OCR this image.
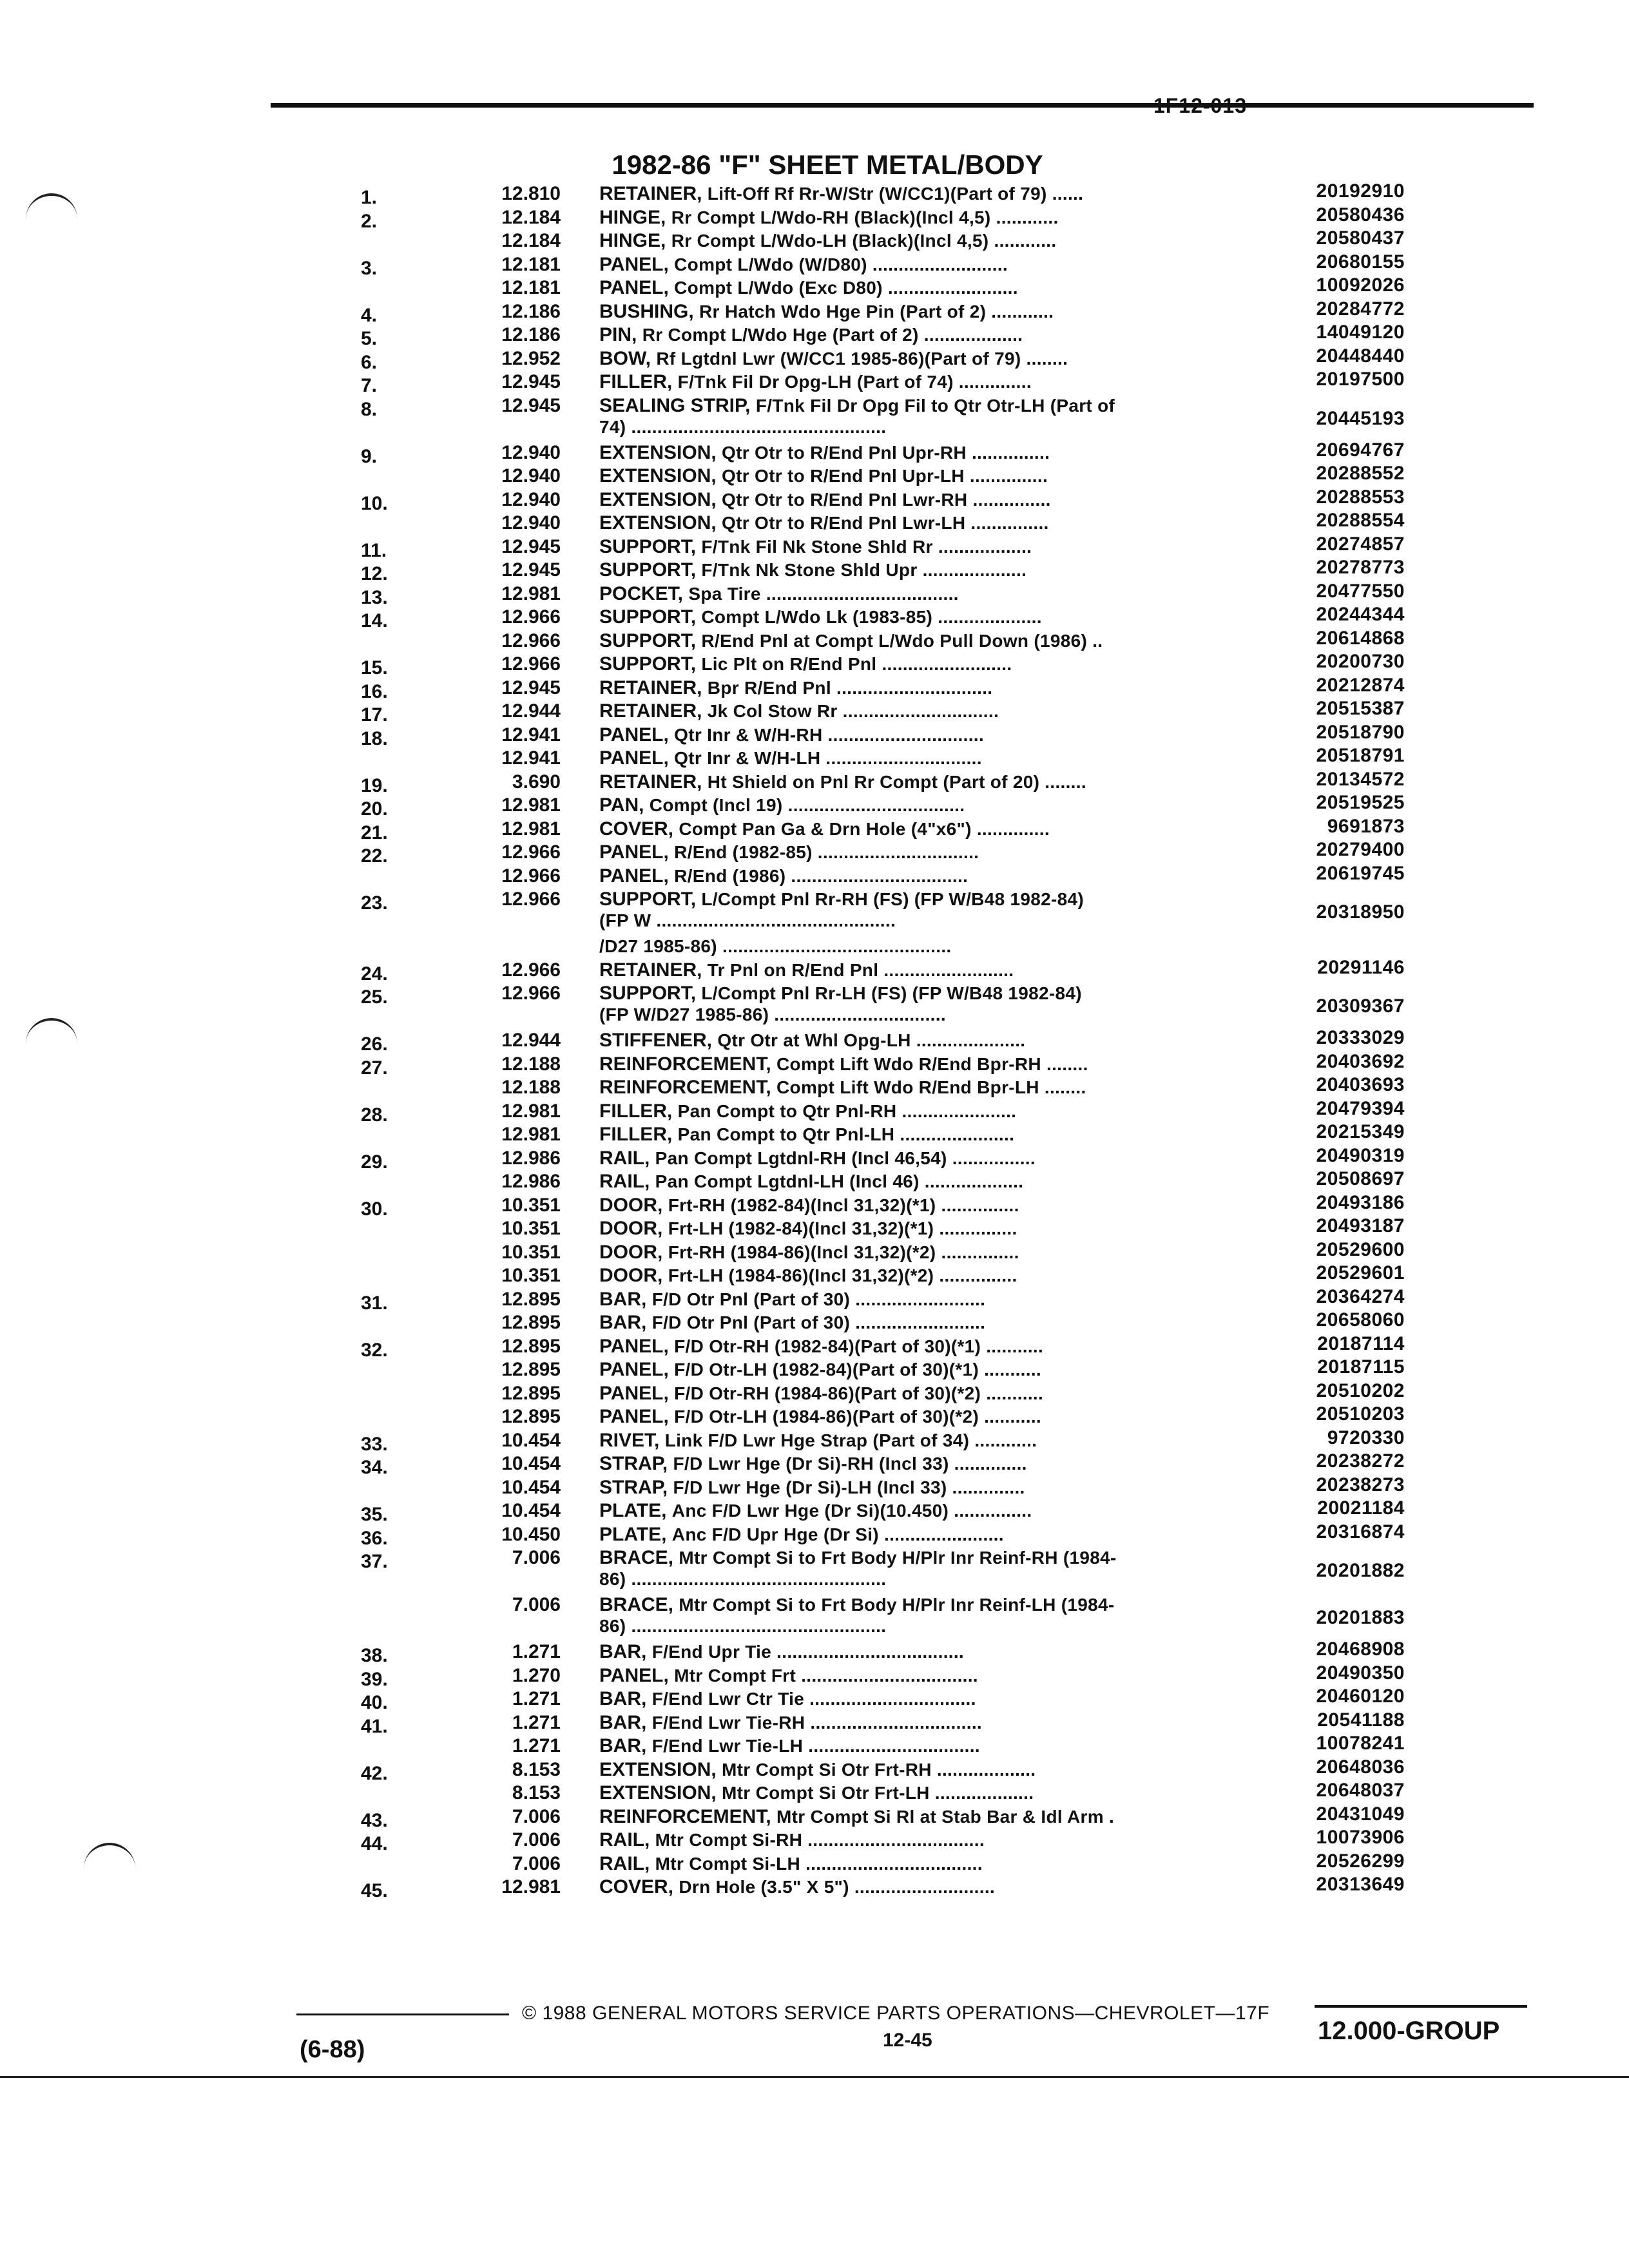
1F12-013
1982-86 "F" SHEET METAL/BODY
1.	12.810 RETAINER, Lift-Off Rf Rr-W/Str (W/CC1)(Part of 79) ......	20192910
2.	12.184 HINGE, Rr Compt L/Wdo-RH (Black)(Incl 4,5) ............	20580436
12.184 HINGE, Rr Compt L/Wdo-LH (Black)(Incl 4,5) ............	20580437
3.	12.181 PANEL, Compt L/Wdo (W/D80) ..........................	20680155
12.181 PANEL, Compt L/Wdo (Exc D80) .........................	10092026
4.	12.186 BUSHING, Rr Hatch Wdo Hge Pin (Part of 2) ............	20284772
5.	12.186 PIN, Rr Compt L/Wdo Hge (Part of 2) ...................	14049120
6.	12.952 BOW, Rf Lgtdnl Lwr (W/CC1 1985-86)(Part of 79) ........	20448440
7.	12.945 FILLER, F/Tnk Fil Dr Opg-LH (Part of 74) ..............	20197500
8.	12.945 SEALING STRIP, F/Tnk Fil Dr Opg Fil to Qtr Otr-LH (Part of
74) .................................................	20445193
9.	12.940 EXTENSION, Qtr Otr to R/End Pnl Upr-RH ...............	20694767
12.940 EXTENSION, Qtr Otr to R/End Pnl Upr-LH ...............	20288552
10.	12.940 EXTENSION, Qtr Otr to R/End Pnl Lwr-RH ...............	20288553
12.940 EXTENSION, Qtr Otr to R/End Pnl Lwr-LH ...............	20288554
11.	12.945 SUPPORT, F/Tnk Fil Nk Stone Shld Rr ..................	20274857
12.	12.945 SUPPORT, F/Tnk Nk Stone Shld Upr ....................	20278773
13.	12.981 POCKET, Spa Tire .....................................	20477550
14.	12.966 SUPPORT, Compt L/Wdo Lk (1983-85) ....................	20244344
12.966 SUPPORT, R/End Pnl at Compt L/Wdo Pull Down (1986) ..	20614868
15.	12.966 SUPPORT, Lic Plt on R/End Pnl .........................	20200730
16.	12.945 RETAINER, Bpr R/End Pnl ..............................	20212874
17.	12.944 RETAINER, Jk Col Stow Rr ..............................	20515387
18.	12.941 PANEL, Qtr Inr & W/H-RH ..............................	20518790
12.941 PANEL, Qtr Inr & W/H-LH ..............................	20518791
19.	3.690 RETAINER, Ht Shield on Pnl Rr Compt (Part of 20) ........	20134572
20.	12.981 PAN, Compt (Incl 19) ..................................	20519525
21.	12.981 COVER, Compt Pan Ga & Drn Hole (4"x6") ..............	9691873
22.	12.966 PANEL, R/End (1982-85) ...............................	20279400
12.966 PANEL, R/End (1986) ..................................	20619745
23.	12.966 SUPPORT, L/Compt Pnl Rr-RH (FS) (FP W/B48 1982-84)
(FP W ..............................................	20318950
/D27 1985-86) ............................................
24.	12.966 RETAINER, Tr Pnl on R/End Pnl .........................	20291146
25.	12.966 SUPPORT, L/Compt Pnl Rr-LH (FS) (FP W/B48 1982-84)
(FP W/D27 1985-86) .................................	20309367
26.	12.944 STIFFENER, Qtr Otr at Whl Opg-LH .....................	20333029
27.	12.188 REINFORCEMENT, Compt Lift Wdo R/End Bpr-RH ........	20403692
12.188 REINFORCEMENT, Compt Lift Wdo R/End Bpr-LH ........	20403693
28.	12.981 FILLER, Pan Compt to Qtr Pnl-RH ......................	20479394
12.981 FILLER, Pan Compt to Qtr Pnl-LH ......................	20215349
29.	12.986 RAIL, Pan Compt Lgtdnl-RH (Incl 46,54) ................	20490319
12.986 RAIL, Pan Compt Lgtdnl-LH (Incl 46) ...................	20508697
30.	10.351 DOOR, Frt-RH (1982-84)(Incl 31,32)(*1) ...............	20493186
10.351 DOOR, Frt-LH (1982-84)(Incl 31,32)(*1) ...............	20493187
10.351 DOOR, Frt-RH (1984-86)(Incl 31,32)(*2) ...............	20529600
10.351 DOOR, Frt-LH (1984-86)(Incl 31,32)(*2) ...............	20529601
31.	12.895 BAR, F/D Otr Pnl (Part of 30) .........................	20364274
12.895 BAR, F/D Otr Pnl (Part of 30) .........................	20658060
32.	12.895 PANEL, F/D Otr-RH (1982-84)(Part of 30)(*1) ...........	20187114
12.895 PANEL, F/D Otr-LH (1982-84)(Part of 30)(*1) ...........	20187115
12.895 PANEL, F/D Otr-RH (1984-86)(Part of 30)(*2) ...........	20510202
12.895 PANEL, F/D Otr-LH (1984-86)(Part of 30)(*2) ...........	20510203
33.	10.454 RIVET, Link F/D Lwr Hge Strap (Part of 34) ............	9720330
34.	10.454 STRAP, F/D Lwr Hge (Dr Si)-RH (Incl 33) ..............	20238272
10.454 STRAP, F/D Lwr Hge (Dr Si)-LH (Incl 33) ..............	20238273
35.	10.454 PLATE, Anc F/D Lwr Hge (Dr Si)(10.450) ...............	20021184
36.	10.450 PLATE, Anc F/D Upr Hge (Dr Si) .......................	20316874
37.	7.006 BRACE, Mtr Compt Si to Frt Body H/Plr Inr Reinf-RH (1984-
86) .................................................	20201882
7.006 BRACE, Mtr Compt Si to Frt Body H/Plr Inr Reinf-LH (1984-
86) .................................................	20201883
38.	1.271 BAR, F/End Upr Tie ....................................	20468908
39.	1.270 PANEL, Mtr Compt Frt ..................................	20490350
40.	1.271 BAR, F/End Lwr Ctr Tie ................................	20460120
41.	1.271 BAR, F/End Lwr Tie-RH .................................	20541188
1.271 BAR, F/End Lwr Tie-LH .................................	10078241
42.	8.153 EXTENSION, Mtr Compt Si Otr Frt-RH ...................	20648036
8.153 EXTENSION, Mtr Compt Si Otr Frt-LH ...................	20648037
43.	7.006 REINFORCEMENT, Mtr Compt Si Rl at Stab Bar & Idl Arm .	20431049
44.	7.006 RAIL, Mtr Compt Si-RH ..................................	10073906
7.006 RAIL, Mtr Compt Si-LH ..................................	20526299
45.	12.981 COVER, Drn Hole (3.5" X 5") ...........................	20313649
© 1988 GENERAL MOTORS SERVICE PARTS OPERATIONS—CHEVROLET—17F
12-45
(6-88)
12.000-GROUP
